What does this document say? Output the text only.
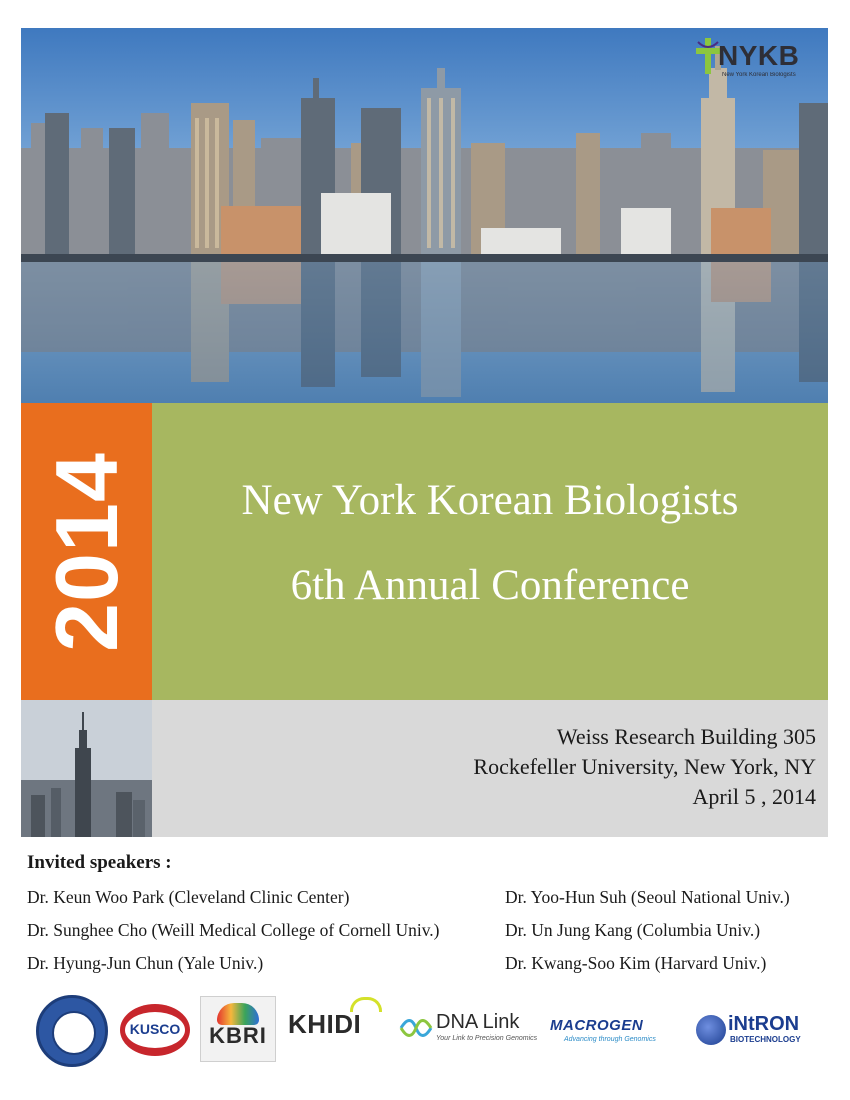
NYKB
New York Korean Biologists
2014	New York Korean Biologists
6th Annual Conference
Weiss Research Building 305
Rockefeller University, New York, NY
April 5 , 2014
Invited speakers :
Dr. Keun Woo Park (Cleveland Clinic Center)
Dr. Sunghee Cho (Weill Medical College of Cornell Univ.)
Dr. Hyung-Jun Chun (Yale Univ.)
Dr. Yoo-Hun Suh (Seoul National Univ.)
Dr. Un Jung Kang (Columbia Univ.)
Dr. Kwang-Soo Kim (Harvard Univ.)
KUSCO	KBRI KHIDI	DNA Link
Your Link to Precision Genomics
MACROGEN
Advancing through Genomics
iNtRON
BIOTECHNOLOGY
